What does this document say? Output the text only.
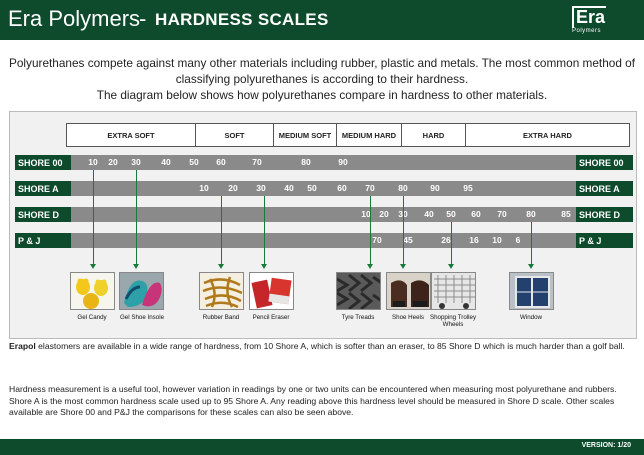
Era Polymers
- HARDNESS SCALES	Era
Polymers
Polyurethanes compete against many other materials including rubber, plastic and metals. The most common method of
classifying polyurethanes is according to their hardness.
The diagram below shows how polyurethanes compare in hardness to other materials.
EXTRA SOFT	SOFT	MEDIUM SOFT	MEDIUM HARD	HARD	EXTRA HARD
SHORE 00	SHORE 00
SHORE A	SHORE A
SHORE D	SHORE D
P & J	P & J
10 20 30 40 50 60	70	80	90
10 20 30 40 50 60 70	80	90	95
10 20 30 40 50 60 70 80	85
70	45	26 16 10 6
Gel Candy Gel Shoe Insole	Rubber Band Pencil Eraser	Tyre Treads	Shoe Heels Shopping Trolley Wheels
Window
Erapol elastomers are available in a wide range of hardness, from 10 Shore A, which is softer than an eraser, to 85 Shore D which is much harder than a golf ball.
Hardness measurement is a useful tool, however variation in readings by one or two units can be encountered when measuring most polyurethane and rubbers. Shore A is the most common hardness scale used up to 95 Shore A. Any reading above this hardness level should be measured in Shore D scale. Other scales available are Shore 00 and P&J the comparisons for these scales can also be seen above.
VERSION: 1/20
